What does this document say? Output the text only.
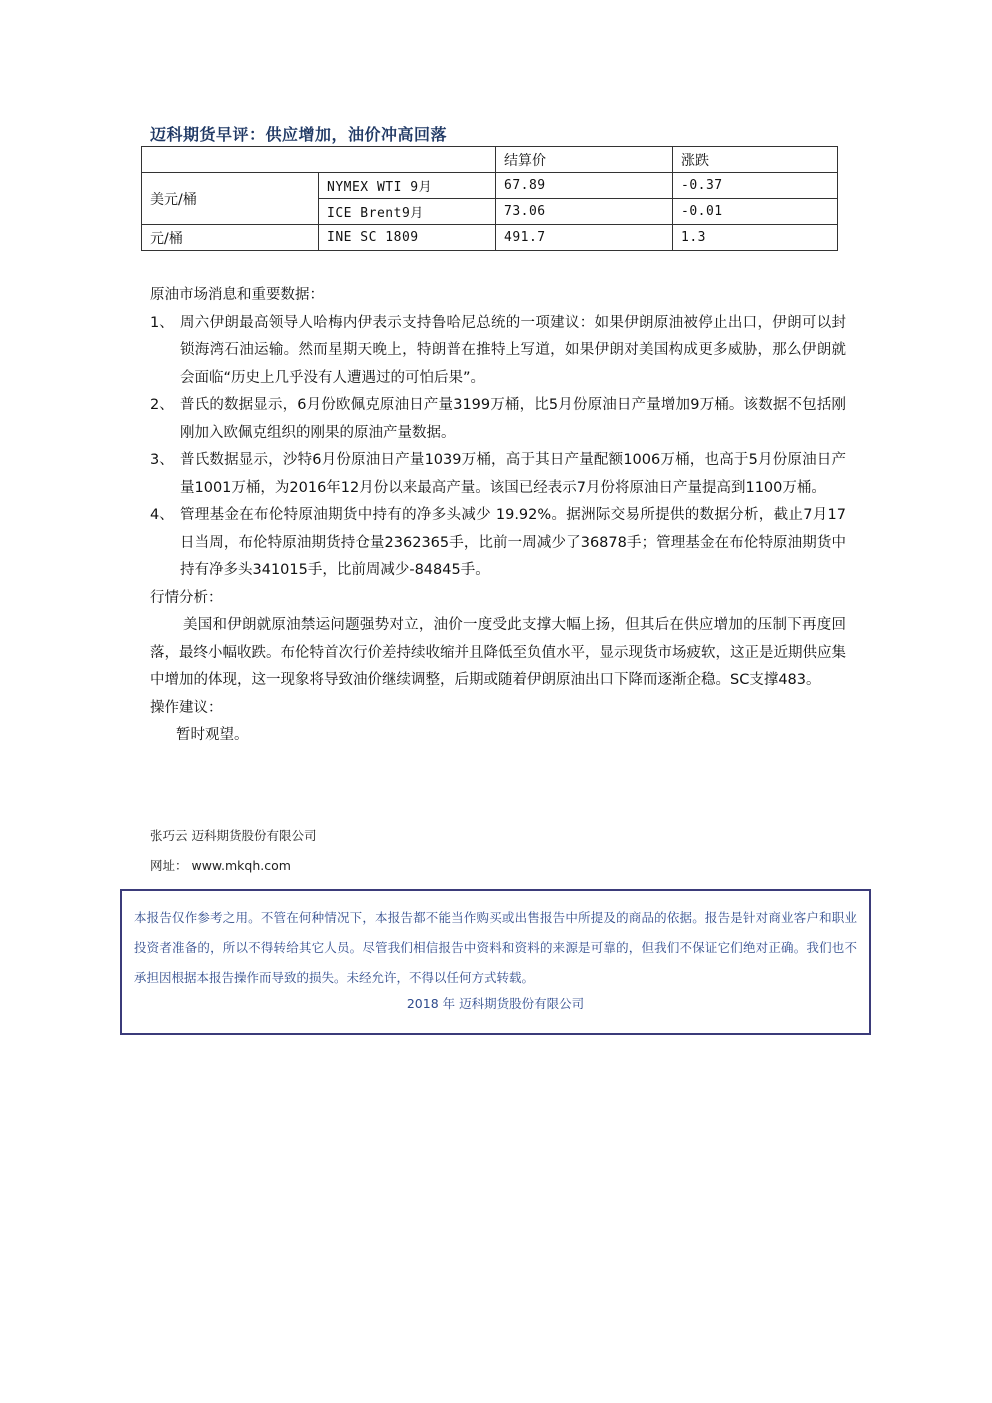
迈科期货早评：供应增加，油价冲高回落
		结算价	涨跌
美元/桶	NYMEX WTI 9月	67.89	-0.37
	ICE Brent9月	73.06	-0.01
元/桶	INE SC 1809	491.7	1.3

原油市场消息和重要数据：

1、 周六伊朗最高领导人哈梅内伊表示支持鲁哈尼总统的一项建议：如果伊朗原油被停止出口，伊朗可以封锁海湾石油运输。然而星期天晚上，特朗普在推特上写道，如果伊朗对美国构成更多威胁，那么伊朗就会面临“历史上几乎没有人遭遇过的可怕后果”。
2、 普氏的数据显示，6月份欧佩克原油日产量3199万桶，比5月份原油日产量增加9万桶。该数据不包括刚刚加入欧佩克组织的刚果的原油产量数据。
3、 普氏数据显示，沙特6月份原油日产量1039万桶，高于其日产量配额1006万桶，也高于5月份原油日产量1001万桶，为2016年12月份以来最高产量。该国已经表示7月份将原油日产量提高到1100万桶。
4、 管理基金在布伦特原油期货中持有的净多头减少 19.92%。据洲际交易所提供的数据分析，截止7月17日当周，布伦特原油期货持仓量2362365手，比前一周减少了36878手；管理基金在布伦特原油期货中持有净多头341015手，比前周减少-84845手。

行情分析：

美国和伊朗就原油禁运问题强势对立，油价一度受此支撑大幅上扬，但其后在供应增加的压制下再度回落，最终小幅收跌。布伦特首次行价差持续收缩并且降低至负值水平，显示现货市场疲软，这正是近期供应集中增加的体现，这一现象将导致油价继续调整，后期或随着伊朗原油出口下降而逐渐企稳。SC支撑483。

操作建议：

暂时观望。

张巧云 迈科期货股份有限公司
网址： www.mkqh.com
本报告仅作参考之用。不管在何种情况下，本报告都不能当作购买或出售报告中所提及的商品的依据。报告是针对商业客户和职业投资者准备的，所以不得转给其它人员。尽管我们相信报告中资料和资料的来源是可靠的，但我们不保证它们绝对正确。我们也不承担因根据本报告操作而导致的损失。未经允许，不得以任何方式转载。
2018 年 迈科期货股份有限公司
